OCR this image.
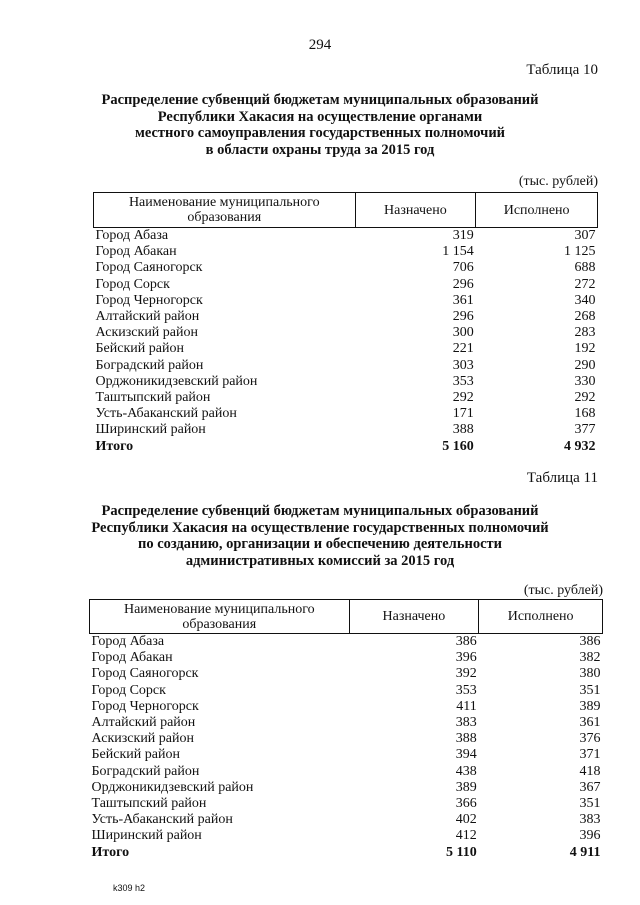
294
Таблица 10
Распределение субвенций бюджетам муниципальных образований
Республики Хакасия на осуществление органами
местного самоуправления государственных полномочий
в области охраны труда за 2015 год
(тыс. рублей)
Наименование муниципального образования	Назначено	Исполнено
Город Абаза	319	307
Город Абакан	1 154	1 125
Город Саяногорск	706	688
Город Сорск	296	272
Город Черногорск	361	340
Алтайский район	296	268
Аскизский район	300	283
Бейский район	221	192
Боградский район	303	290
Орджоникидзевский район	353	330
Таштыпский район	292	292
Усть-Абаканский район	171	168
Ширинский район	388	377
Итого	5 160	4 932
Таблица 11
Распределение субвенций бюджетам муниципальных образований
Республики Хакасия на осуществление государственных полномочий
по созданию, организации и обеспечению деятельности
административных комиссий за 2015 год
(тыс. рублей)
Наименование муниципального образования	Назначено	Исполнено
Город Абаза	386	386
Город Абакан	396	382
Город Саяногорск	392	380
Город Сорск	353	351
Город Черногорск	411	389
Алтайский район	383	361
Аскизский район	388	376
Бейский район	394	371
Боградский район	438	418
Орджоникидзевский район	389	367
Таштыпский район	366	351
Усть-Абаканский район	402	383
Ширинский район	412	396
Итого	5 110	4 911
k309 h2
